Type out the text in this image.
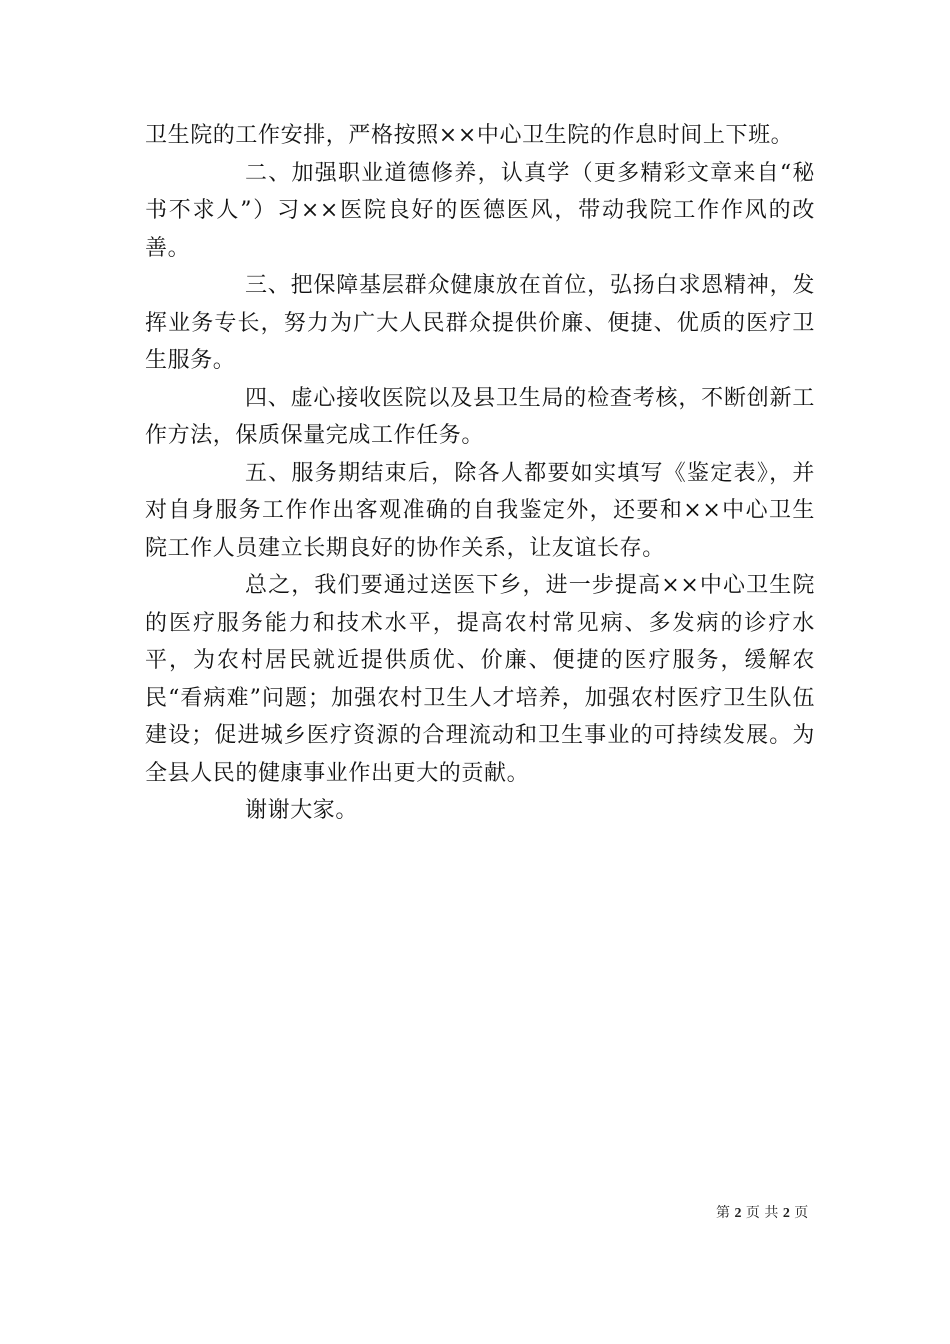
卫生院的工作安排，严格按照××中心卫生院的作息时间上下班。

二、加强职业道德修养，认真学（更多精彩文章来自“秘书不求人”）习××医院良好的医德医风，带动我院工作作风的改善。

三、把保障基层群众健康放在首位，弘扬白求恩精神，发挥业务专长，努力为广大人民群众提供价廉、便捷、优质的医疗卫生服务。

四、虚心接收医院以及县卫生局的检查考核，不断创新工作方法，保质保量完成工作任务。

五、服务期结束后，除各人都要如实填写《鉴定表》，并对自身服务工作作出客观准确的自我鉴定外，还要和××中心卫生院工作人员建立长期良好的协作关系，让友谊长存。

总之，我们要通过送医下乡，进一步提高××中心卫生院的医疗服务能力和技术水平，提高农村常见病、多发病的诊疗水平，为农村居民就近提供质优、价廉、便捷的医疗服务，缓解农民“看病难”问题；加强农村卫生人才培养，加强农村医疗卫生队伍建设；促进城乡医疗资源的合理流动和卫生事业的可持续发展。为全县人民的健康事业作出更大的贡献。

谢谢大家。

第 2 页 共 2 页
